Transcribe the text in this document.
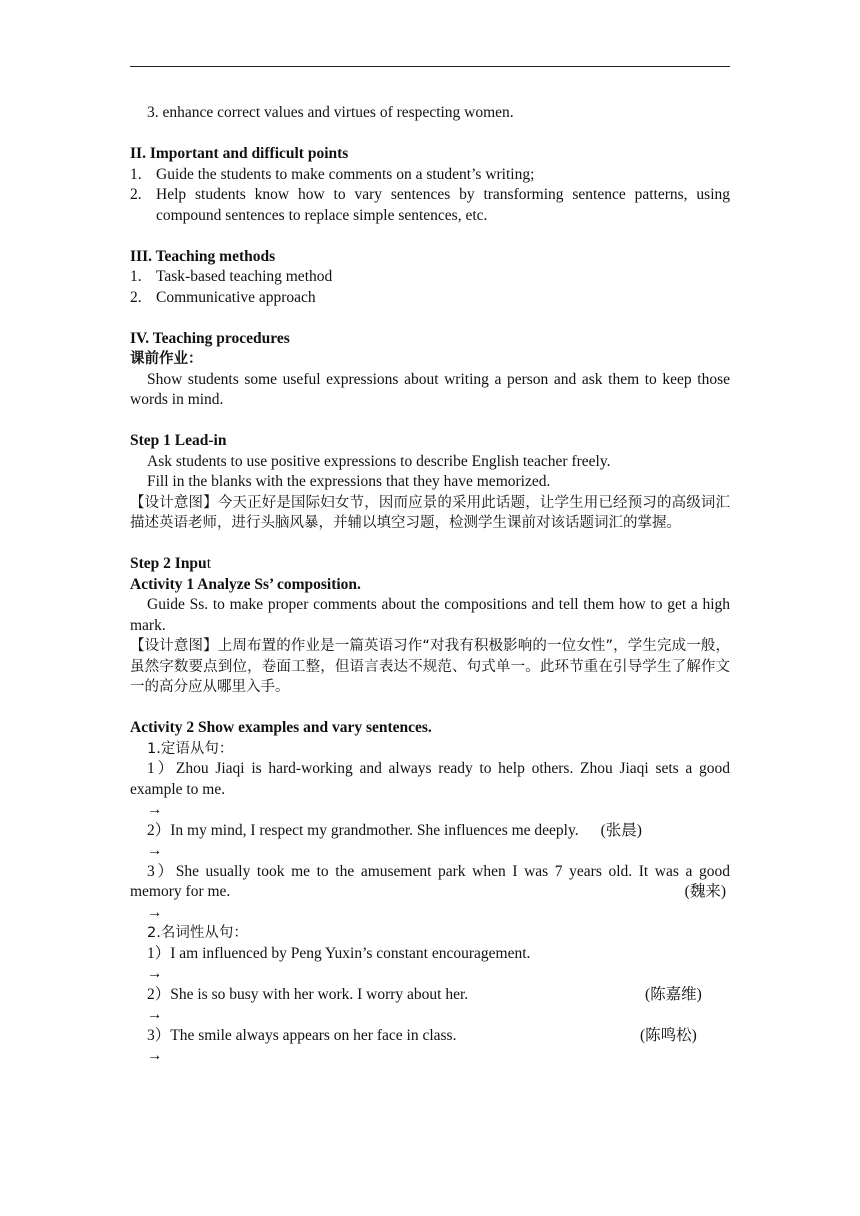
3. enhance correct values and virtues of respecting women.

II. Important and difficult points

1. Guide the students to make comments on a student’s writing;
2. Help students know how to vary sentences by transforming sentence patterns, using compound sentences to replace simple sentences, etc.

III. Teaching methods

1. Task-based teaching method
2. Communicative approach

IV. Teaching procedures

课前作业：

Show students some useful expressions about writing a person and ask them to keep those words in mind.

Step 1 Lead-in

Ask students to use positive expressions to describe English teacher freely.

Fill in the blanks with the expressions that they have memorized.

【设计意图】今天正好是国际妇女节，因而应景的采用此话题，让学生用已经预习的高级词汇描述英语老师，进行头脑风暴，并辅以填空习题，检测学生课前对该话题词汇的掌握。

Step 2 Input

Activity 1 Analyze Ss’ composition.

Guide Ss. to make proper comments about the compositions and tell them how to get a high mark.

【设计意图】上周布置的作业是一篇英语习作“对我有积极影响的一位女性”，学生完成一般，虽然字数要点到位，卷面工整，但语言表达不规范、句式单一。此环节重在引导学生了解作文一的高分应从哪里入手。

Activity 2 Show examples and vary sentences.

1.定语从句：

1）Zhou Jiaqi is hard-working and always ready to help others. Zhou Jiaqi sets a good example to me.

→

2）In my mind, I respect my grandmother. She influences me deeply. (张晨)

→

3）She usually took me to the amusement park when I was 7 years old. It was a good memory for me.	(魏来)

→

2.名词性从句：

1）I am influenced by Peng Yuxin’s constant encouragement.

→

2）She is so busy with her work. I worry about her.	(陈嘉维)

→

3）The smile always appears on her face in class.	(陈鸣松)

→
